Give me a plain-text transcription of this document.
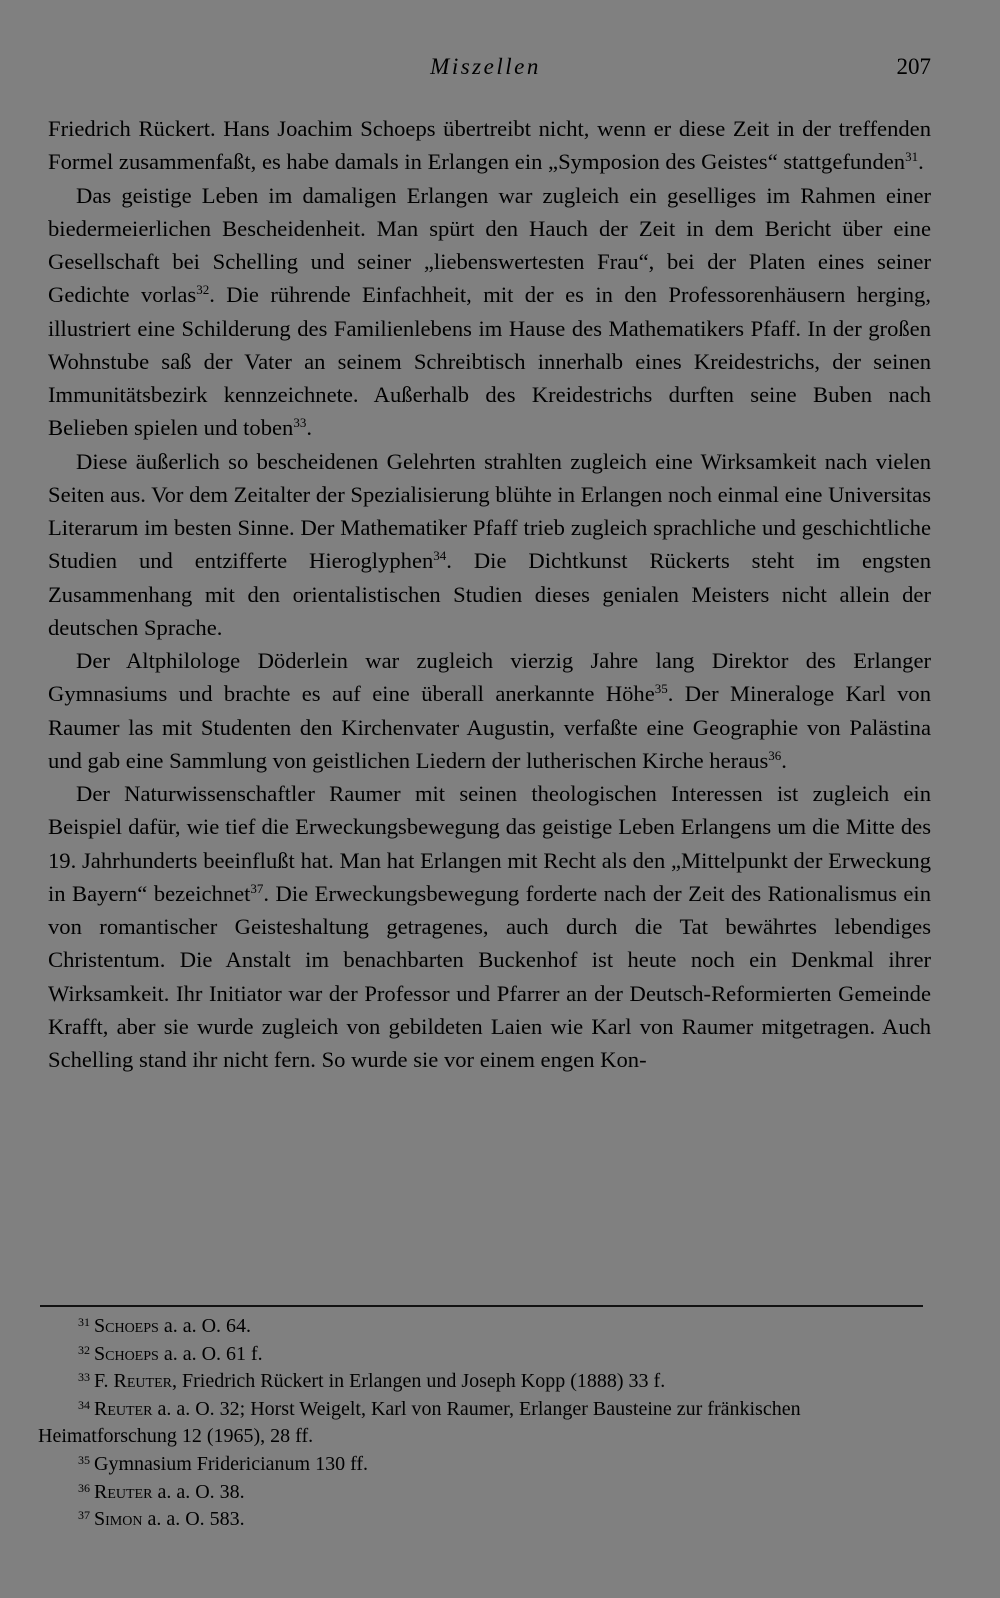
Miszellen	207

Friedrich Rückert. Hans Joachim Schoeps übertreibt nicht, wenn er diese Zeit in der treffenden Formel zusammenfaßt, es habe damals in Erlangen ein „Symposion des Geistes“ stattgefunden$^{31}$.

Das geistige Leben im damaligen Erlangen war zugleich ein geselliges im Rahmen einer biedermeierlichen Bescheidenheit. Man spürt den Hauch der Zeit in dem Bericht über eine Gesellschaft bei Schelling und seiner „liebenswertesten Frau“, bei der Platen eines seiner Gedichte vorlas$^{32}$. Die rührende Einfachheit, mit der es in den Professorenhäusern herging, illustriert eine Schilderung des Familienlebens im Hause des Mathematikers Pfaff. In der großen Wohnstube saß der Vater an seinem Schreibtisch innerhalb eines Kreidestrichs, der seinen Immunitätsbezirk kennzeichnete. Außerhalb des Kreidestrichs durften seine Buben nach Belieben spielen und toben$^{33}$.

Diese äußerlich so bescheidenen Gelehrten strahlten zugleich eine Wirksamkeit nach vielen Seiten aus. Vor dem Zeitalter der Spezialisierung blühte in Erlangen noch einmal eine Universitas Literarum im besten Sinne. Der Mathematiker Pfaff trieb zugleich sprachliche und geschichtliche Studien und entzifferte Hieroglyphen$^{34}$. Die Dichtkunst Rückerts steht im engsten Zusammenhang mit den orientalistischen Studien dieses genialen Meisters nicht allein der deutschen Sprache.

Der Altphilologe Döderlein war zugleich vierzig Jahre lang Direktor des Erlanger Gymnasiums und brachte es auf eine überall anerkannte Höhe$^{35}$. Der Mineraloge Karl von Raumer las mit Studenten den Kirchenvater Augustin, verfaßte eine Geographie von Palästina und gab eine Sammlung von geistlichen Liedern der lutherischen Kirche heraus$^{36}$.

Der Naturwissenschaftler Raumer mit seinen theologischen Interessen ist zugleich ein Beispiel dafür, wie tief die Erweckungsbewegung das geistige Leben Erlangens um die Mitte des 19. Jahrhunderts beeinflußt hat. Man hat Erlangen mit Recht als den „Mittelpunkt der Erweckung in Bayern“ bezeichnet$^{37}$. Die Erweckungsbewegung forderte nach der Zeit des Rationalismus ein von romantischer Geisteshaltung getragenes, auch durch die Tat bewährtes lebendiges Christentum. Die Anstalt im benachbarten Buckenhof ist heute noch ein Denkmal ihrer Wirksamkeit. Ihr Initiator war der Professor und Pfarrer an der Deutsch-Reformierten Gemeinde Krafft, aber sie wurde zugleich von gebildeten Laien wie Karl von Raumer mitgetragen. Auch Schelling stand ihr nicht fern. So wurde sie vor einem engen Kon-

31 Schoeps a. a. O. 64.

32 Schoeps a. a. O. 61 f.

33 F. Reuter, Friedrich Rückert in Erlangen und Joseph Kopp (1888) 33 f.

34 Reuter a. a. O. 32; Horst Weigelt, Karl von Raumer, Erlanger Bausteine zur fränkischen Heimatforschung 12 (1965), 28 ff.

35 Gymnasium Fridericianum 130 ff.

36 Reuter a. a. O. 38.

37 Simon a. a. O. 583.
